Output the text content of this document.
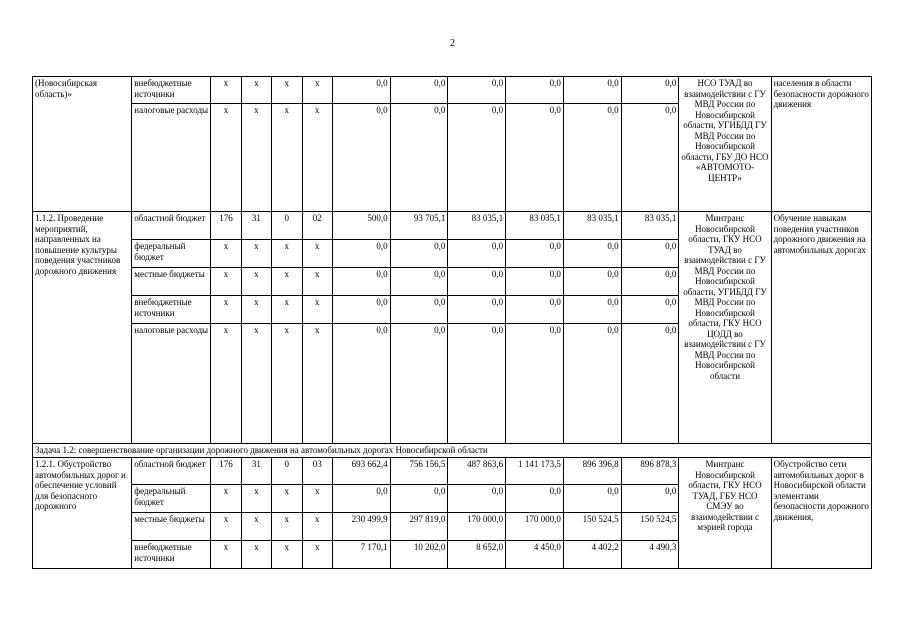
2
(Новосибирская область)»	внебюджетные источники	x	x	x	x	0,0	0,0	0,0	0,0	0,0	0,0	НСО ТУАД во взаимодействии с ГУ МВД России по Новосибирской области, УГИБДД ГУ МВД России по Новосибирской области, ГБУ ДО НСО «АВТОМОТО-ЦЕНТР»	населения в области безопасности дорожного движения
	налоговые расходы	x	x	x	x	0,0	0,0	0,0	0,0	0,0	0,0		
1.1.2. Проведение мероприятий, направленных на повышение культуры поведения участников дорожного движения	областной бюджет	176	31	0	02	500,0	93 705,1	83 035,1	83 035,1	83 035,1	83 035,1	Минтранс Новосибирской области, ГКУ НСО ТУАД во взаимодействии с ГУ МВД России по Новосибирской области, УГИБДД ГУ МВД России по Новосибирской области, ГКУ НСО ЦОДД во взаимодействии с ГУ МВД России по Новосибирской области	Обучение навыкам поведения участников дорожного движения на автомобильных дорогах
	федеральный бюджет	x	x	x	x	0,0	0,0	0,0	0,0	0,0	0,0		
	местные бюджеты	x	x	x	x	0,0	0,0	0,0	0,0	0,0	0,0		
	внебюджетные источники	x	x	x	x	0,0	0,0	0,0	0,0	0,0	0,0		
	налоговые расходы	x	x	x	x	0,0	0,0	0,0	0,0	0,0	0,0		
Задача 1.2: совершенствование организации дорожного движения на автомобильных дорогах Новосибирской области													
1.2.1. Обустройство автомобильных дорог и обеспечение условий для безопасного дорожного	областной бюджет	176	31	0	03	693 662,4	756 156,5	487 863,6	1 141 173,5	896 396,8	896 878,3	Минтранс Новосибирской области, ГКУ НСО ТУАД, ГБУ НСО СМЭУ во взаимодействии с мэрией города	Обустройство сети автомобильных дорог в Новосибирской области элементами безопасности дорожного движения,
	федеральный бюджет	x	x	x	x	0,0	0,0	0,0	0,0	0,0	0,0		
	местные бюджеты	x	x	x	x	230 499,9	297 819,0	170 000,0	170 000,0	150 524,5	150 524,5		
	внебюджетные источники	x	x	x	x	7 170,1	10 202,0	8 652,0	4 450,0	4 402,2	4 490,3		
